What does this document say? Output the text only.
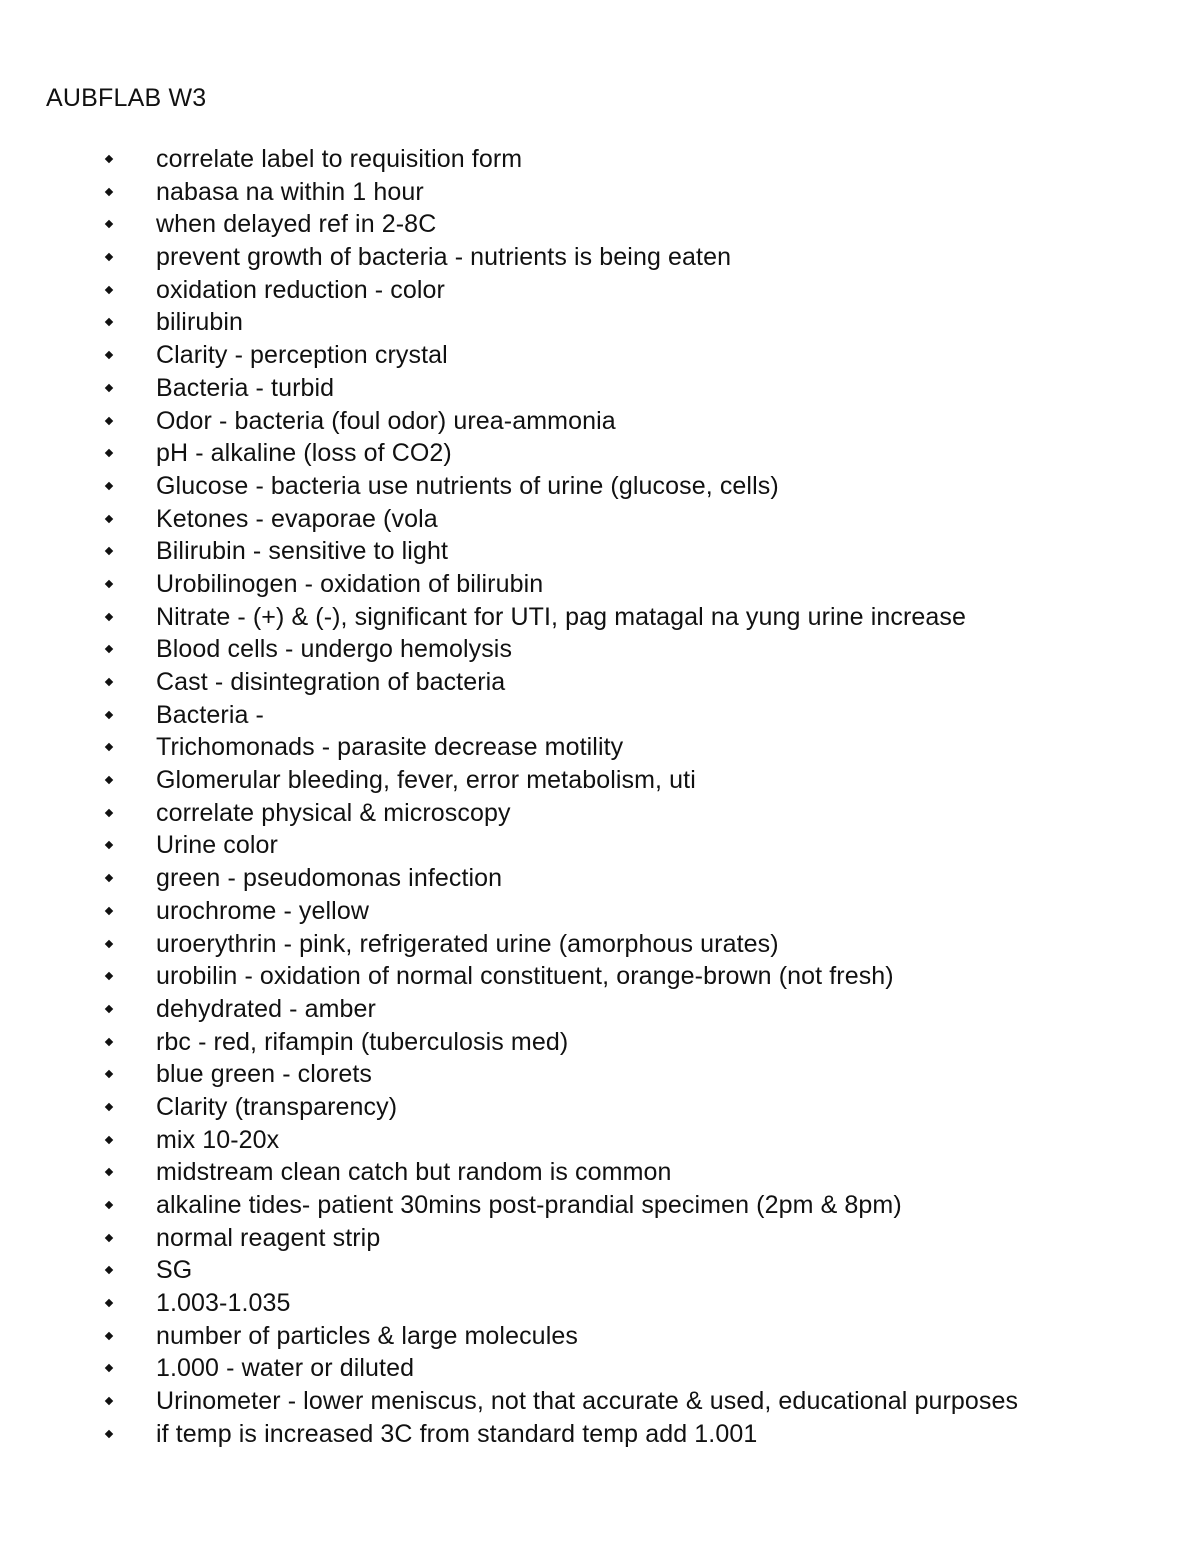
AUBFLAB W3
correlate label to requisition form
nabasa na within 1 hour
when delayed ref in 2-8C
prevent growth of bacteria - nutrients is being eaten
oxidation reduction - color
bilirubin
Clarity - perception crystal
Bacteria - turbid
Odor - bacteria (foul odor) urea-ammonia
pH - alkaline (loss of CO2)
Glucose - bacteria use nutrients of urine (glucose, cells)
Ketones - evaporae (vola
Bilirubin - sensitive to light
Urobilinogen - oxidation of bilirubin
Nitrate - (+) & (-), significant for UTI, pag matagal na yung urine increase
Blood cells - undergo hemolysis
Cast - disintegration of bacteria
Bacteria -
Trichomonads - parasite decrease motility
Glomerular bleeding, fever, error metabolism, uti
correlate physical & microscopy
Urine color
green - pseudomonas infection
urochrome - yellow
uroerythrin - pink, refrigerated urine (amorphous urates)
urobilin - oxidation of normal constituent, orange-brown (not fresh)
dehydrated - amber
rbc - red, rifampin (tuberculosis med)
blue green - clorets
Clarity (transparency)
mix 10-20x
midstream clean catch but random is common
alkaline tides- patient 30mins post-prandial specimen (2pm & 8pm)
normal reagent strip
SG
1.003-1.035
number of particles & large molecules
1.000 - water or diluted
Urinometer - lower meniscus, not that accurate & used, educational purposes
if temp is increased 3C from standard temp add 1.001
